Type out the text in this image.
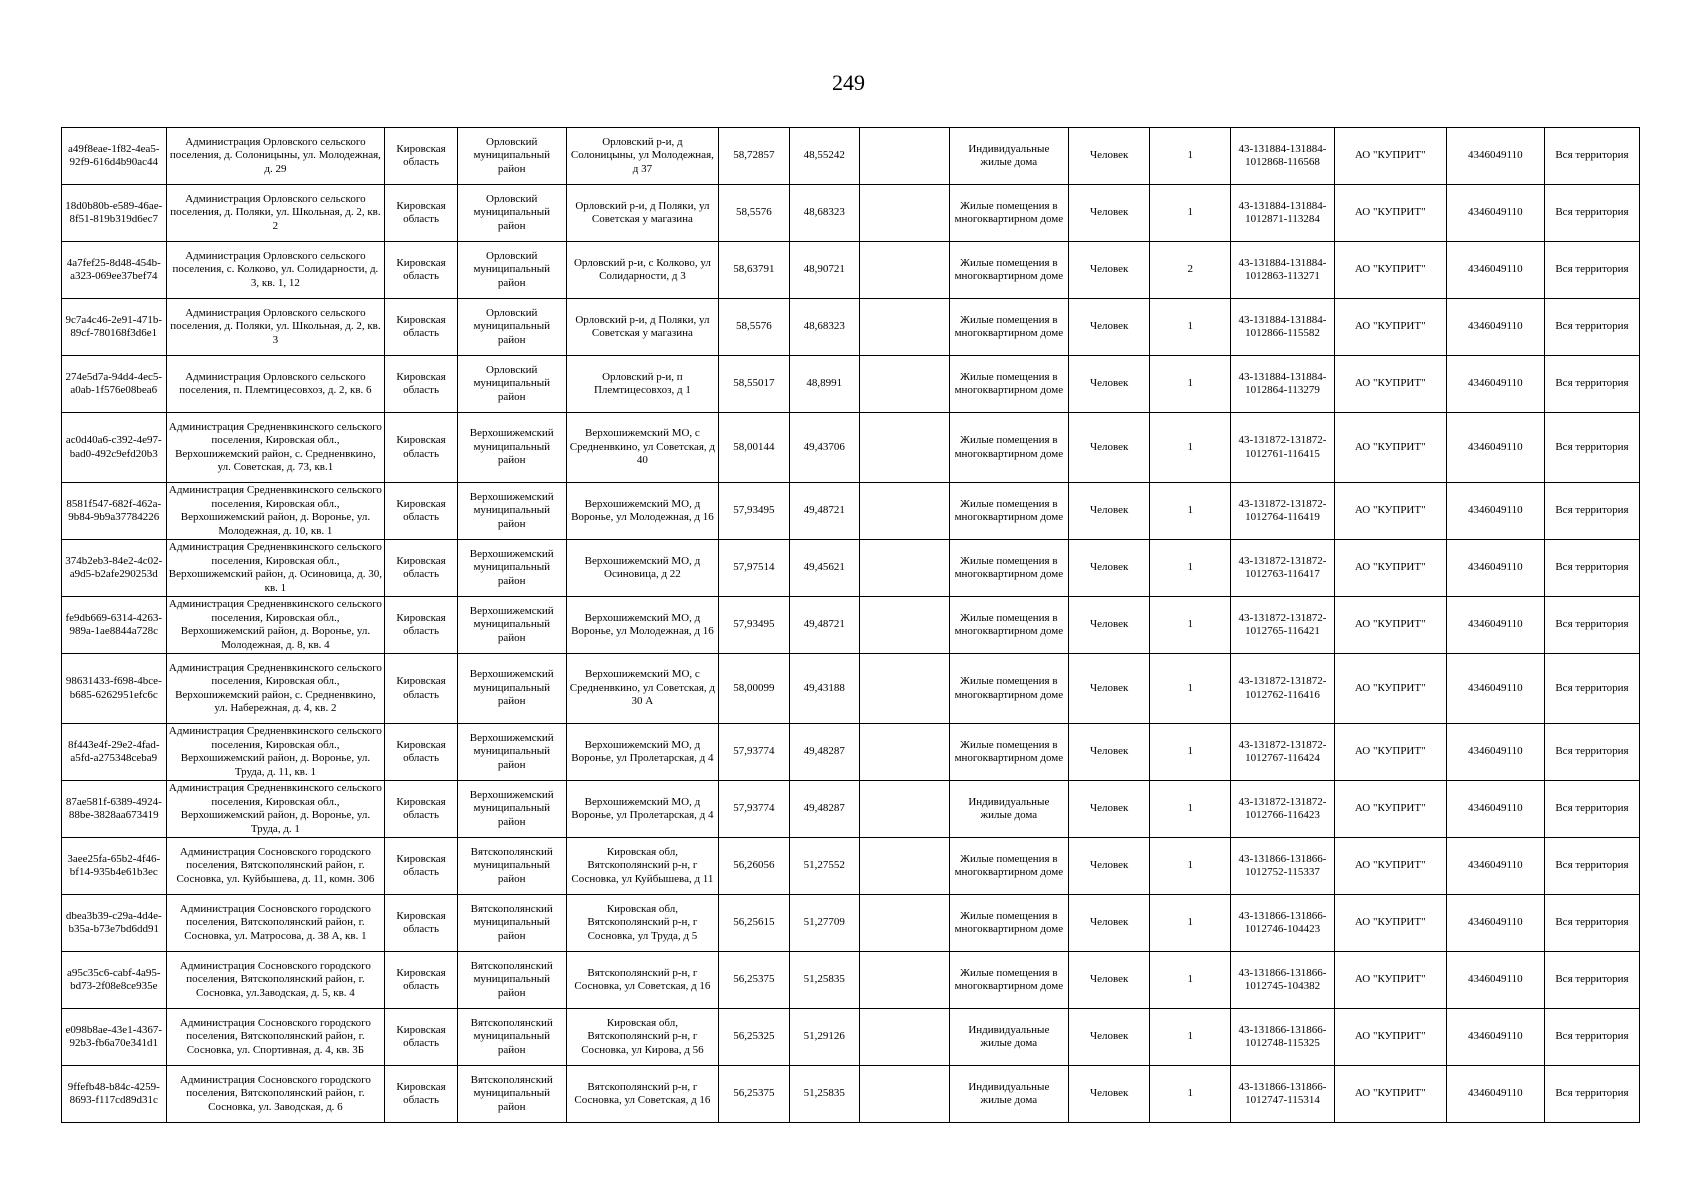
249
a49f8eae-1f82-4ea5-92f9-616d4b90ac44	Администрация Орловского сельского поселения, д. Солоницыны, ул. Молодежная, д. 29	Кировская область	Орловский муниципальный район	Орловский р-и, д Солоницыны, ул Молодежная, д 37	58,72857	48,55242		Индивидуальные жилые дома	Человек	1	43-131884-131884-1012868-116568	АО "КУПРИТ"	4346049110	Вся территория
18d0b80b-e589-46ae-8f51-819b319d6ec7	Администрация Орловского сельского поселения, д. Поляки, ул. Школьная, д. 2, кв. 2	Кировская область	Орловский муниципальный район	Орловский р-и, д Поляки, ул Советская у магазина	58,5576	48,68323		Жилые помещения в многоквартирном доме	Человек	1	43-131884-131884-1012871-113284	АО "КУПРИТ"	4346049110	Вся территория
4a7fef25-8d48-454b-a323-069ee37bef74	Администрация Орловского сельского поселения, с. Колково, ул. Солидарности, д. 3, кв. 1, 12	Кировская область	Орловский муниципальный район	Орловский р-и, с Колково, ул Солидарности, д 3	58,63791	48,90721		Жилые помещения в многоквартирном доме	Человек	2	43-131884-131884-1012863-113271	АО "КУПРИТ"	4346049110	Вся территория
9c7a4c46-2e91-471b-89cf-780168f3d6e1	Администрация Орловского сельского поселения, д. Поляки, ул. Школьная, д. 2, кв. 3	Кировская область	Орловский муниципальный район	Орловский р-и, д Поляки, ул Советская у магазина	58,5576	48,68323		Жилые помещения в многоквартирном доме	Человек	1	43-131884-131884-1012866-115582	АО "КУПРИТ"	4346049110	Вся территория
274e5d7a-94d4-4ec5-a0ab-1f576e08bea6	Администрация Орловского сельского поселения, п. Племтицесовхоз, д. 2, кв. 6	Кировская область	Орловский муниципальный район	Орловский р-и, п Племтицесовхоз, д 1	58,55017	48,8991		Жилые помещения в многоквартирном доме	Человек	1	43-131884-131884-1012864-113279	АО "КУПРИТ"	4346049110	Вся территория
ac0d40a6-c392-4e97-bad0-492c9efd20b3	Администрация Средненвкинского сельского поселения, Кировская обл., Верхошижемский район, с. Средненвкино, ул. Советская, д. 73, кв.1	Кировская область	Верхошижемский муниципальный район	Верхошижемский МО, с Средненвкино, ул Советская, д 40	58,00144	49,43706		Жилые помещения в многоквартирном доме	Человек	1	43-131872-131872-1012761-116415	АО "КУПРИТ"	4346049110	Вся территория
8581f547-682f-462a-9b84-9b9a37784226	Администрация Средненвкинского сельского поселения, Кировская обл., Верхошижемский район, д. Воронье, ул. Молодежная, д. 10, кв. 1	Кировская область	Верхошижемский муниципальный район	Верхошижемский МО, д Воронье, ул Молодежная, д 16	57,93495	49,48721		Жилые помещения в многоквартирном доме	Человек	1	43-131872-131872-1012764-116419	АО "КУПРИТ"	4346049110	Вся территория
374b2eb3-84e2-4c02-a9d5-b2afe290253d	Администрация Средненвкинского сельского поселения, Кировская обл., Верхошижемский район, д. Осиновица, д. 30, кв. 1	Кировская область	Верхошижемский муниципальный район	Верхошижемский МО, д Осиновица, д 22	57,97514	49,45621		Жилые помещения в многоквартирном доме	Человек	1	43-131872-131872-1012763-116417	АО "КУПРИТ"	4346049110	Вся территория
fe9db669-6314-4263-989a-1ae8844a728c	Администрация Средненвкинского сельского поселения, Кировская обл., Верхошижемский район, д. Воронье, ул. Молодежная, д. 8, кв. 4	Кировская область	Верхошижемский муниципальный район	Верхошижемский МО, д Воронье, ул Молодежная, д 16	57,93495	49,48721		Жилые помещения в многоквартирном доме	Человек	1	43-131872-131872-1012765-116421	АО "КУПРИТ"	4346049110	Вся территория
98631433-f698-4bce-b685-6262951efc6c	Администрация Средненвкинского сельского поселения, Кировская обл., Верхошижемский район, с. Средненвкино, ул. Набережная, д. 4, кв. 2	Кировская область	Верхошижемский муниципальный район	Верхошижемский МО, с Средненвкино, ул Советская, д 30 А	58,00099	49,43188		Жилые помещения в многоквартирном доме	Человек	1	43-131872-131872-1012762-116416	АО "КУПРИТ"	4346049110	Вся территория
8f443e4f-29e2-4fad-a5fd-a275348ceba9	Администрация Средненвкинского сельского поселения, Кировская обл., Верхошижемский район, д. Воронье, ул. Труда, д. 11, кв. 1	Кировская область	Верхошижемский муниципальный район	Верхошижемский МО, д Воронье, ул Пролетарская, д 4	57,93774	49,48287		Жилые помещения в многоквартирном доме	Человек	1	43-131872-131872-1012767-116424	АО "КУПРИТ"	4346049110	Вся территория
87ae581f-6389-4924-88be-3828aa673419	Администрация Средненвкинского сельского поселения, Кировская обл., Верхошижемский район, д. Воронье, ул. Труда, д. 1	Кировская область	Верхошижемский муниципальный район	Верхошижемский МО, д Воронье, ул Пролетарская, д 4	57,93774	49,48287		Индивидуальные жилые дома	Человек	1	43-131872-131872-1012766-116423	АО "КУПРИТ"	4346049110	Вся территория
3aee25fa-65b2-4f46-bf14-935b4e61b3ec	Администрация Сосновского городского поселения, Вятскополянский район, г. Сосновка, ул. Куйбышева, д. 11, комн. 306	Кировская область	Вятскополянский муниципальный район	Кировская обл, Вятскополянский р-н, г Сосновка, ул Куйбышева, д 11	56,26056	51,27552		Жилые помещения в многоквартирном доме	Человек	1	43-131866-131866-1012752-115337	АО "КУПРИТ"	4346049110	Вся территория
dbea3b39-c29a-4d4e-b35a-b73e7bd6dd91	Администрация Сосновского городского поселения, Вятскополянский район, г. Сосновка, ул. Матросова, д. 38 А, кв. 1	Кировская область	Вятскополянский муниципальный район	Кировская обл, Вятскополянский р-н, г Сосновка, ул Труда, д 5	56,25615	51,27709		Жилые помещения в многоквартирном доме	Человек	1	43-131866-131866-1012746-104423	АО "КУПРИТ"	4346049110	Вся территория
a95c35c6-cabf-4a95-bd73-2f08e8ce935e	Администрация Сосновского городского поселения, Вятскополянский район, г. Сосновка, ул.Заводская, д. 5, кв. 4	Кировская область	Вятскополянский муниципальный район	Вятскополянский р-н, г Сосновка, ул Советская, д 16	56,25375	51,25835		Жилые помещения в многоквартирном доме	Человек	1	43-131866-131866-1012745-104382	АО "КУПРИТ"	4346049110	Вся территория
e098b8ae-43e1-4367-92b3-fb6a70e341d1	Администрация Сосновского городского поселения, Вятскополянский район, г. Сосновка, ул. Спортивная, д. 4, кв. 3Б	Кировская область	Вятскополянский муниципальный район	Кировская обл, Вятскополянский р-н, г Сосновка, ул Кирова, д 56	56,25325	51,29126		Индивидуальные жилые дома	Человек	1	43-131866-131866-1012748-115325	АО "КУПРИТ"	4346049110	Вся территория
9ffefb48-b84c-4259-8693-f117cd89d31c	Администрация Сосновского городского поселения, Вятскополянский район, г. Сосновка, ул. Заводская, д. 6	Кировская область	Вятскополянский муниципальный район	Вятскополянский р-н, г Сосновка, ул Советская, д 16	56,25375	51,25835		Индивидуальные жилые дома	Человек	1	43-131866-131866-1012747-115314	АО "КУПРИТ"	4346049110	Вся территория
